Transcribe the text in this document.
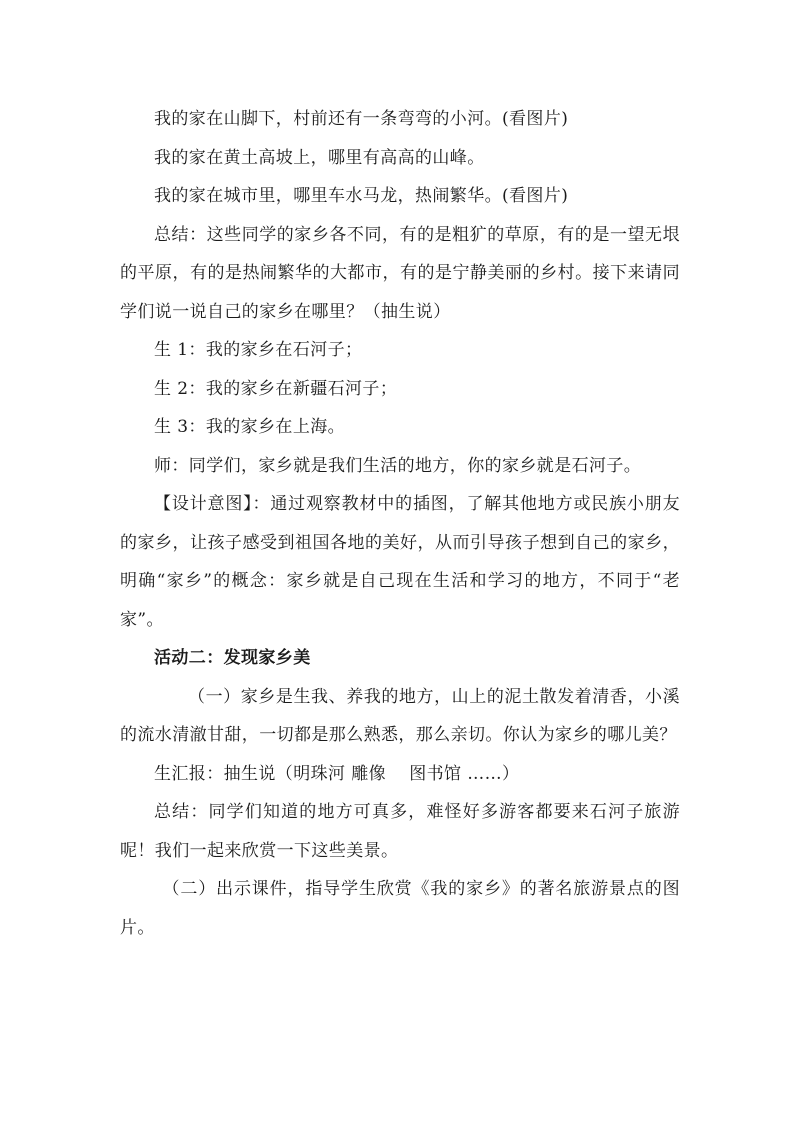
我的家在山脚下，村前还有一条弯弯的小河。(看图片)

我的家在黄土高坡上，哪里有高高的山峰。

我的家在城市里，哪里车水马龙，热闹繁华。(看图片)

总结：这些同学的家乡各不同，有的是粗犷的草原，有的是一望无垠的平原，有的是热闹繁华的大都市，有的是宁静美丽的乡村。接下来请同学们说一说自己的家乡在哪里？（抽生说）

生 1：我的家乡在石河子；

生 2：我的家乡在新疆石河子；

生 3：我的家乡在上海。

师：同学们，家乡就是我们生活的地方，你的家乡就是石河子。

【设计意图】：通过观察教材中的插图，了解其他地方或民族小朋友的家乡，让孩子感受到祖国各地的美好，从而引导孩子想到自己的家乡，明确“家乡”的概念：家乡就是自己现在生活和学习的地方，不同于“老家”。

活动二：发现家乡美

（一）家乡是生我、养我的地方，山上的泥土散发着清香，小溪的流水清澈甘甜，一切都是那么熟悉，那么亲切。你认为家乡的哪儿美？

生汇报：抽生说（明珠河 雕像　 图书馆 ……）

总结：同学们知道的地方可真多，难怪好多游客都要来石河子旅游呢！我们一起来欣赏一下这些美景。

（二）出示课件，指导学生欣赏《我的家乡》的著名旅游景点的图片。
